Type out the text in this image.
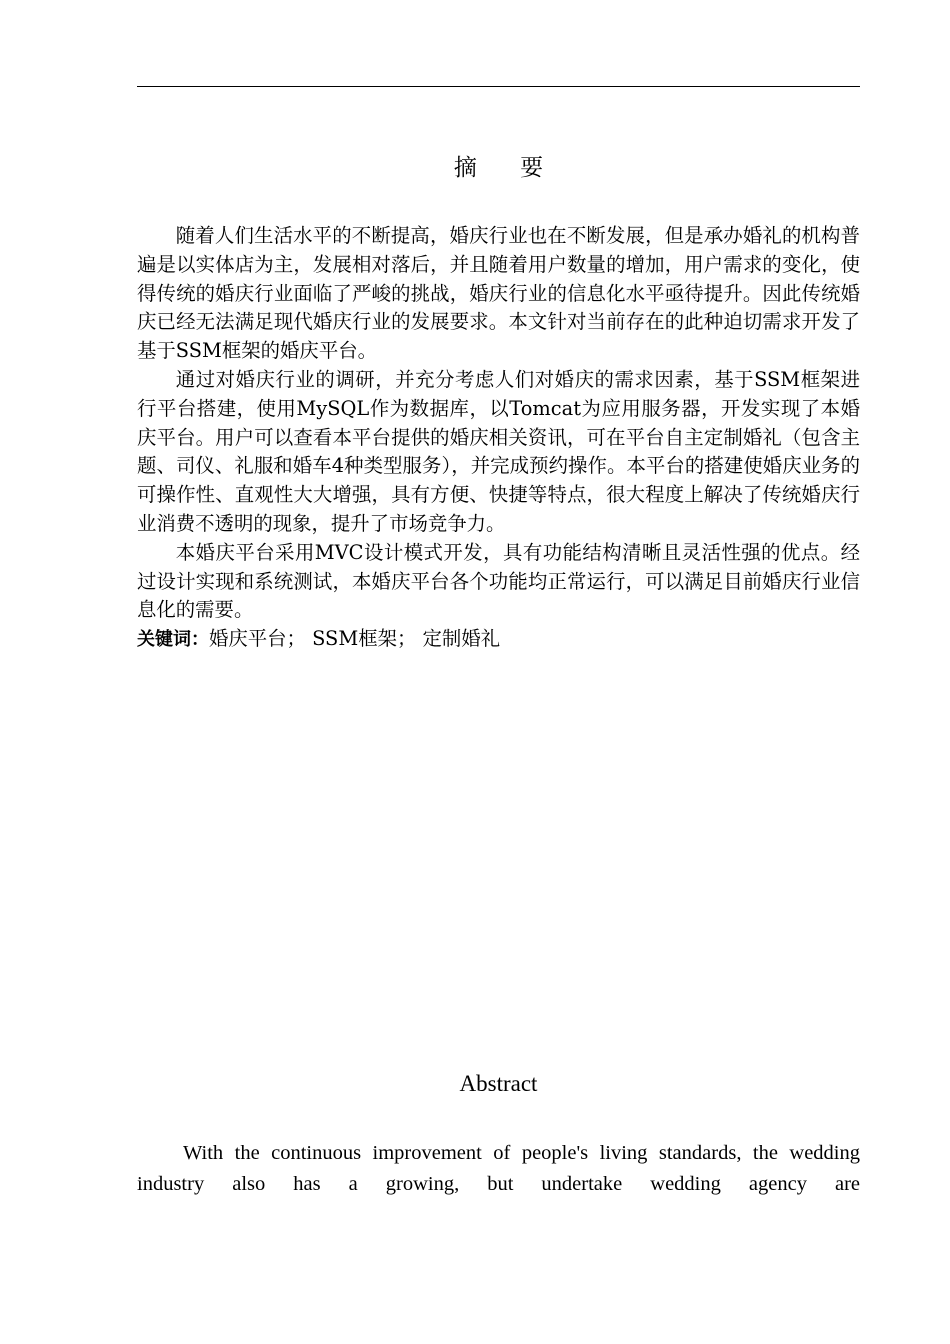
摘 要

随着人们生活水平的不断提高，婚庆行业也在不断发展，但是承办婚礼的机构普遍是以实体店为主，发展相对落后，并且随着用户数量的增加，用户需求的变化，使得传统的婚庆行业面临了严峻的挑战，婚庆行业的信息化水平亟待提升。因此传统婚庆已经无法满足现代婚庆行业的发展要求。本文针对当前存在的此种迫切需求开发了基于SSM框架的婚庆平台。

通过对婚庆行业的调研，并充分考虑人们对婚庆的需求因素，基于SSM框架进行平台搭建，使用MySQL作为数据库，以Tomcat为应用服务器，开发实现了本婚庆平台。用户可以查看本平台提供的婚庆相关资讯，可在平台自主定制婚礼（包含主题、司仪、礼服和婚车4种类型服务），并完成预约操作。本平台的搭建使婚庆业务的可操作性、直观性大大增强，具有方便、快捷等特点，很大程度上解决了传统婚庆行业消费不透明的现象，提升了市场竞争力。

本婚庆平台采用MVC设计模式开发，具有功能结构清晰且灵活性强的优点。经过设计实现和系统测试，本婚庆平台各个功能均正常运行，可以满足目前婚庆行业信息化的需要。

关键词：婚庆平台； SSM框架； 定制婚礼

Abstract

With the continuous improvement of people's living standards, the wedding industry also has a growing, but undertake wedding agency are
